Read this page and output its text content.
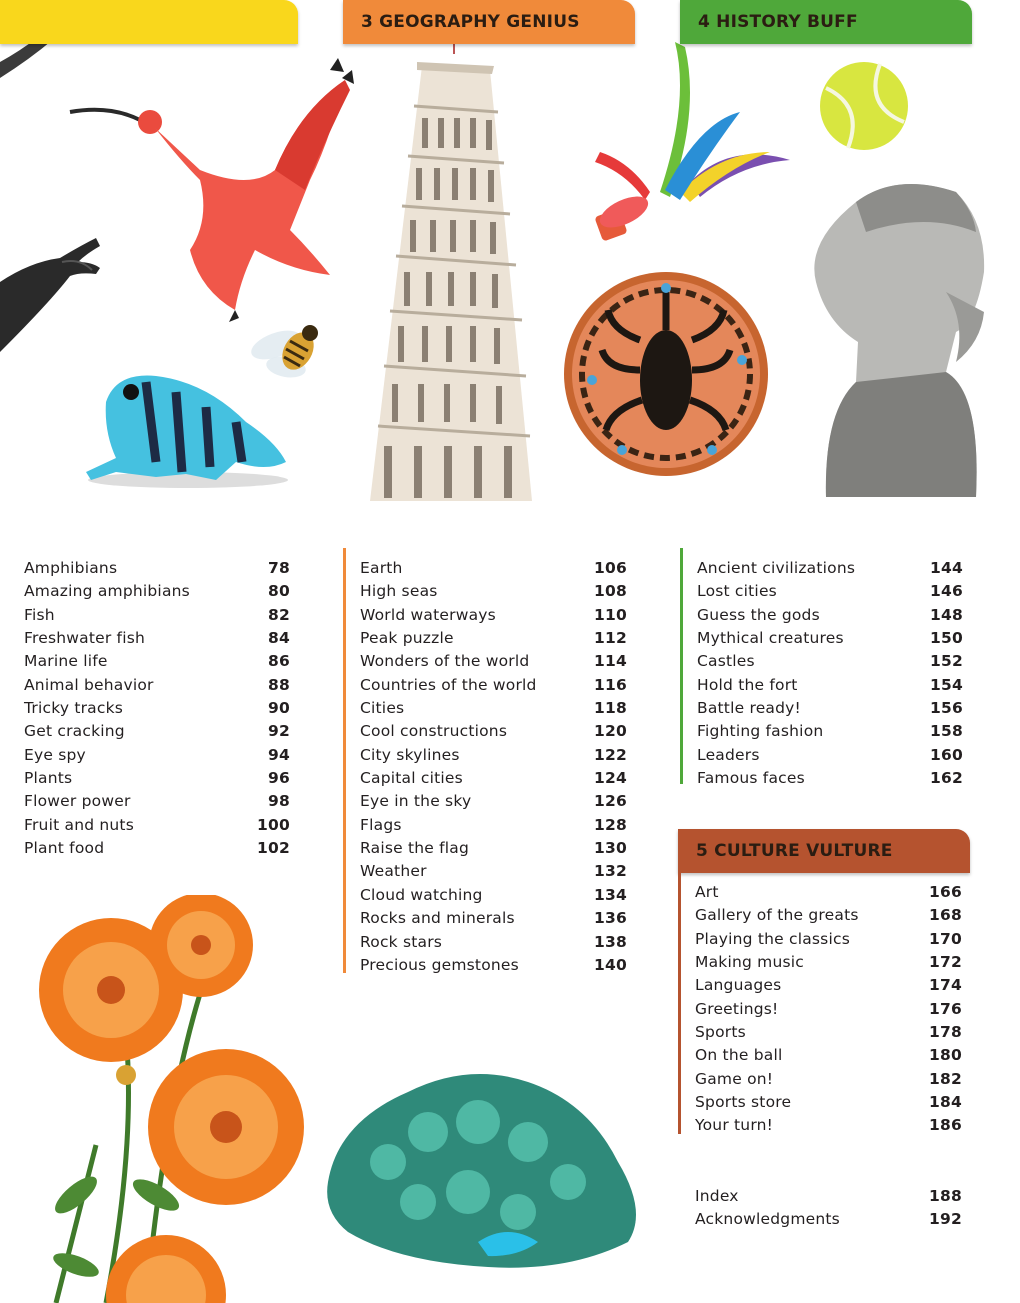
3 GEOGRAPHY GENIUS	4 HISTORY BUFF
5 CULTURE VULTURE
Amphibians	78
Amazing amphibians	80
Fish	82
Freshwater fish	84
Marine life	86
Animal behavior	88
Tricky tracks	90
Get cracking	92
Eye spy	94
Plants	96
Flower power	98
Fruit and nuts	100
Plant food	102
Earth	106
High seas	108
World waterways	110
Peak puzzle	112
Wonders of the world	114
Countries of the world	116
Cities	118
Cool constructions	120
City skylines	122
Capital cities	124
Eye in the sky	126
Flags	128
Raise the flag	130
Weather	132
Cloud watching	134
Rocks and minerals	136
Rock stars	138
Precious gemstones	140
Ancient civilizations	144
Lost cities	146
Guess the gods	148
Mythical creatures	150
Castles	152
Hold the fort	154
Battle ready!	156
Fighting fashion	158
Leaders	160
Famous faces	162
Art	166
Gallery of the greats	168
Playing the classics	170
Making music	172
Languages	174
Greetings!	176
Sports	178
On the ball	180
Game on!	182
Sports store	184
Your turn!	186
Index	188
Acknowledgments	192
